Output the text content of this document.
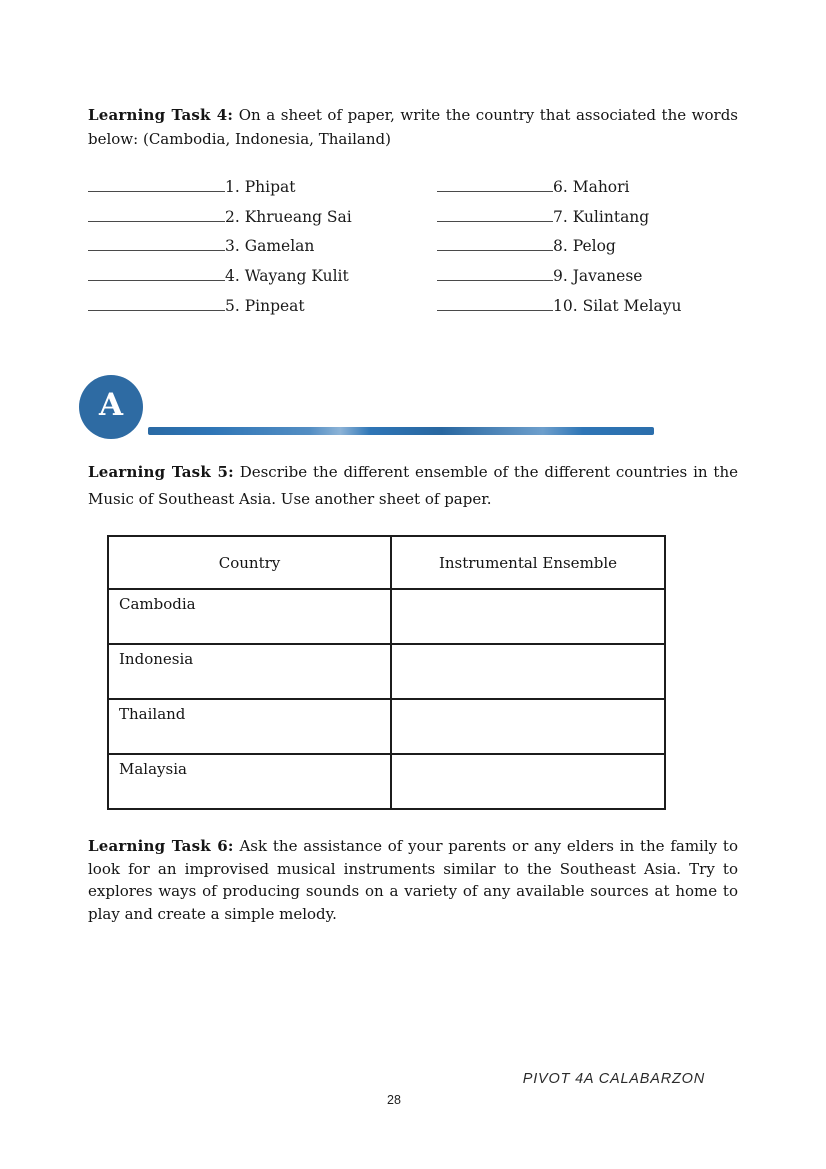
Learning Task 4: On a sheet of paper, write the country that associated the words below: (Cambodia, Indonesia, Thailand)

1. Phipat	6. Mahori
2. Khrueang Sai	7. Kulintang
3. Gamelan	8. Pelog
4. Wayang Kulit	9. Javanese
5. Pinpeat	10. Silat Melayu
A

Learning Task 5: Describe the different ensemble of the different countries in the Music of Southeast Asia. Use another sheet of paper.

Country	Instrumental Ensemble
Cambodia	
Indonesia	
Thailand	
Malaysia	

Learning Task 6: Ask the assistance of your parents or any elders in the family to look for an improvised musical instruments similar to the Southeast Asia. Try to explores ways of producing sounds on a variety of any available sources at home to play and create a simple melody.

PIVOT 4A CALABARZON
28
